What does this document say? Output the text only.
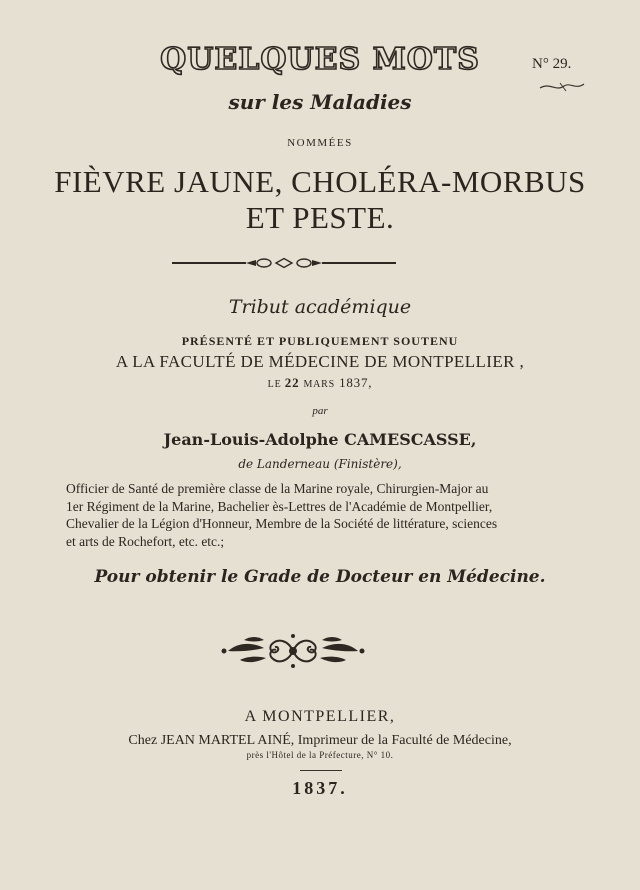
QUELQUES MOTS	N° 29.
sur les Maladies
NOMMÉES
FIÈVRE JAUNE, CHOLÉRA-MORBUS
ET PESTE.
Tribut académique
PRÉSENTÉ ET PUBLIQUEMENT SOUTENU
A LA FACULTÉ DE MÉDECINE DE MONTPELLIER ,
LE 22 MARS 1837,
par
Jean-Louis-Adolphe CAMESCASSE,
de Landerneau (Finistère),
Officier de Santé de première classe de la Marine royale, Chirurgien-Major au
1er Régiment de la Marine, Bachelier ès-Lettres de l'Académie de Montpellier,
Chevalier de la Légion d'Honneur, Membre de la Société de littérature, sciences
et arts de Rochefort, etc. etc.;
Pour obtenir le Grade de Docteur en Médecine.
A MONTPELLIER,
Chez JEAN MARTEL AINÉ, Imprimeur de la Faculté de Médecine,
près l'Hôtel de la Préfecture, N° 10.
1837.
